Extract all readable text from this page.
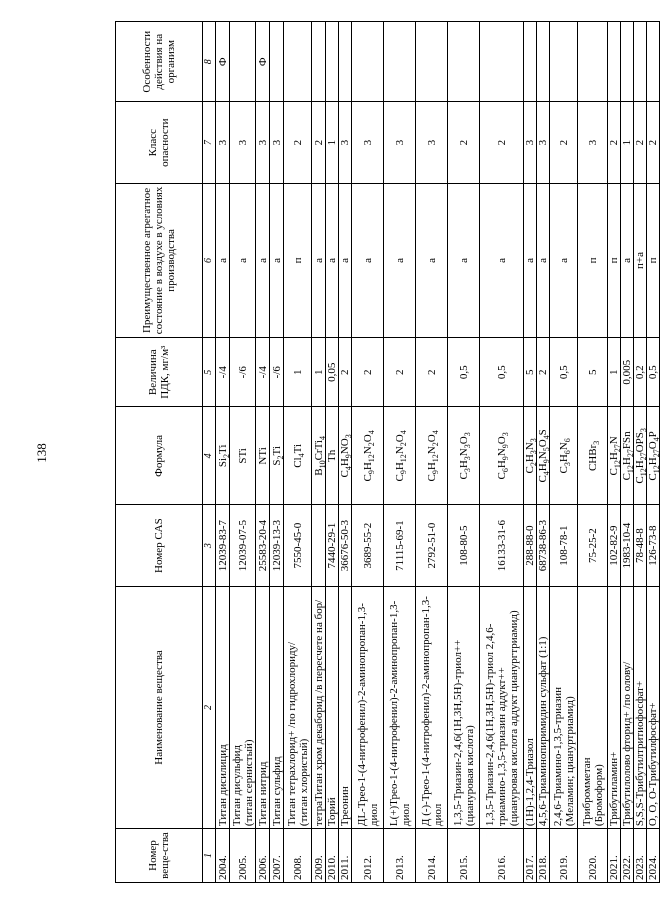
138
Номер веще-ства	Наименование вещества	Номер CAS	Формула	Величина ПДК, мг/м³	Преимущественное агрегатное состояние в воздухе в условиях производства	Класс опасности	Особенности действия на организм
1	2	3	4	5	6	7	8
2004.	Титан дисилицид	12039-83-7	$Si_2Ti$	-/4	а	3	Ф
2005.	Титан дисульфид
(титан сернистый)	12039-07-5	STi	-/6	а	3	
2006.	Титан нитрид	25583-20-4	NTi	-/4	а	3	Ф
2007.	Титан сульфид	12039-13-3	$S_2Ti$	-/6	а	3	
2008.	Титан тетрахлорид+ /по гидрохлориду/
(титан хлористый)	7550-45-0	$Cl_4Ti$	1	п	2	
2009.	тетраТитан хром декаборид /в пересчете на бор/		$B_{10}CrTi_4$	1	а	2	
2010.	Торий	7440-29-1	Th	0,05	а	1	
2011.	Треонин	36676-50-3	$C_4H_9NO_3$	2	а	3	
2012.	ДL-Трео-1-(4-нитрофенил)-2-аминопропан-1,3-диол	3689-55-2	$C_9H_{12}N_2O_4$	2	а	3	
2013.	L(+)Трео-1-(4-нитрофенил)-2-аминопропан-1,3-диол	71115-69-1	$C_9H_{12}N_2O_4$	2	а	3	
2014.	Д (-)-Трео-1-(4-нитрофенил)-2-аминопропан-1,3-диол	2792-51-0	$C_9H_{12}N_2O_4$	2	а	3	
2015.	1,3,5-Триазин-2,4,6(1H,3H,5H)-триол++
(циануровая кислота)	108-80-5	$C_3H_3N_3O_3$	0,5	а	2	
2016.	1,3,5-Триазин-2,4,6(1H,3H,5H)-триол 2,4,6-триамино-1,3,5-триазин аддукт++
(циануровая кислота аддукт цианургтриамид)	16133-31-6	$C_6H_9N_9O_3$	0,5	а	2	
2017.	(1H)-1,2,4-Триазол	288-88-0	$C_2H_3N_3$	5	а	3	
2018.	4,5,6-Триаминопиримидин сульфат (1:1)	68738-86-3	$C_4H_9N_5O_4S$	2	а	3	
2019.	2,4,6-Триамино-1,3,5-триазин
(Меламин; циануртриамид)	108-78-1	$C_3H_6N_6$	0,5	а	2	
2020.	Трибромметан
(Бромоформ)	75-25-2	CHBr$_3$	5	п	3	
2021.	Трибутиламин+	102-82-9	$C_{12}H_{27}N$	1	п	2	
2022.	Трибутилолово фторид+ /по олову/	1983-10-4	$C_{12}H_{27}FSn$	0,005	а	1	
2023.	S,S,S-Трибутилтритиофосфат+	78-48-8	$C_{12}H_{27}OPS_3$	0,2	п+а	2	
2024.	O, O, O-Трибутилфосфат+	126-73-8	$C_{12}H_{27}O_4P$	0,5	п	2	
